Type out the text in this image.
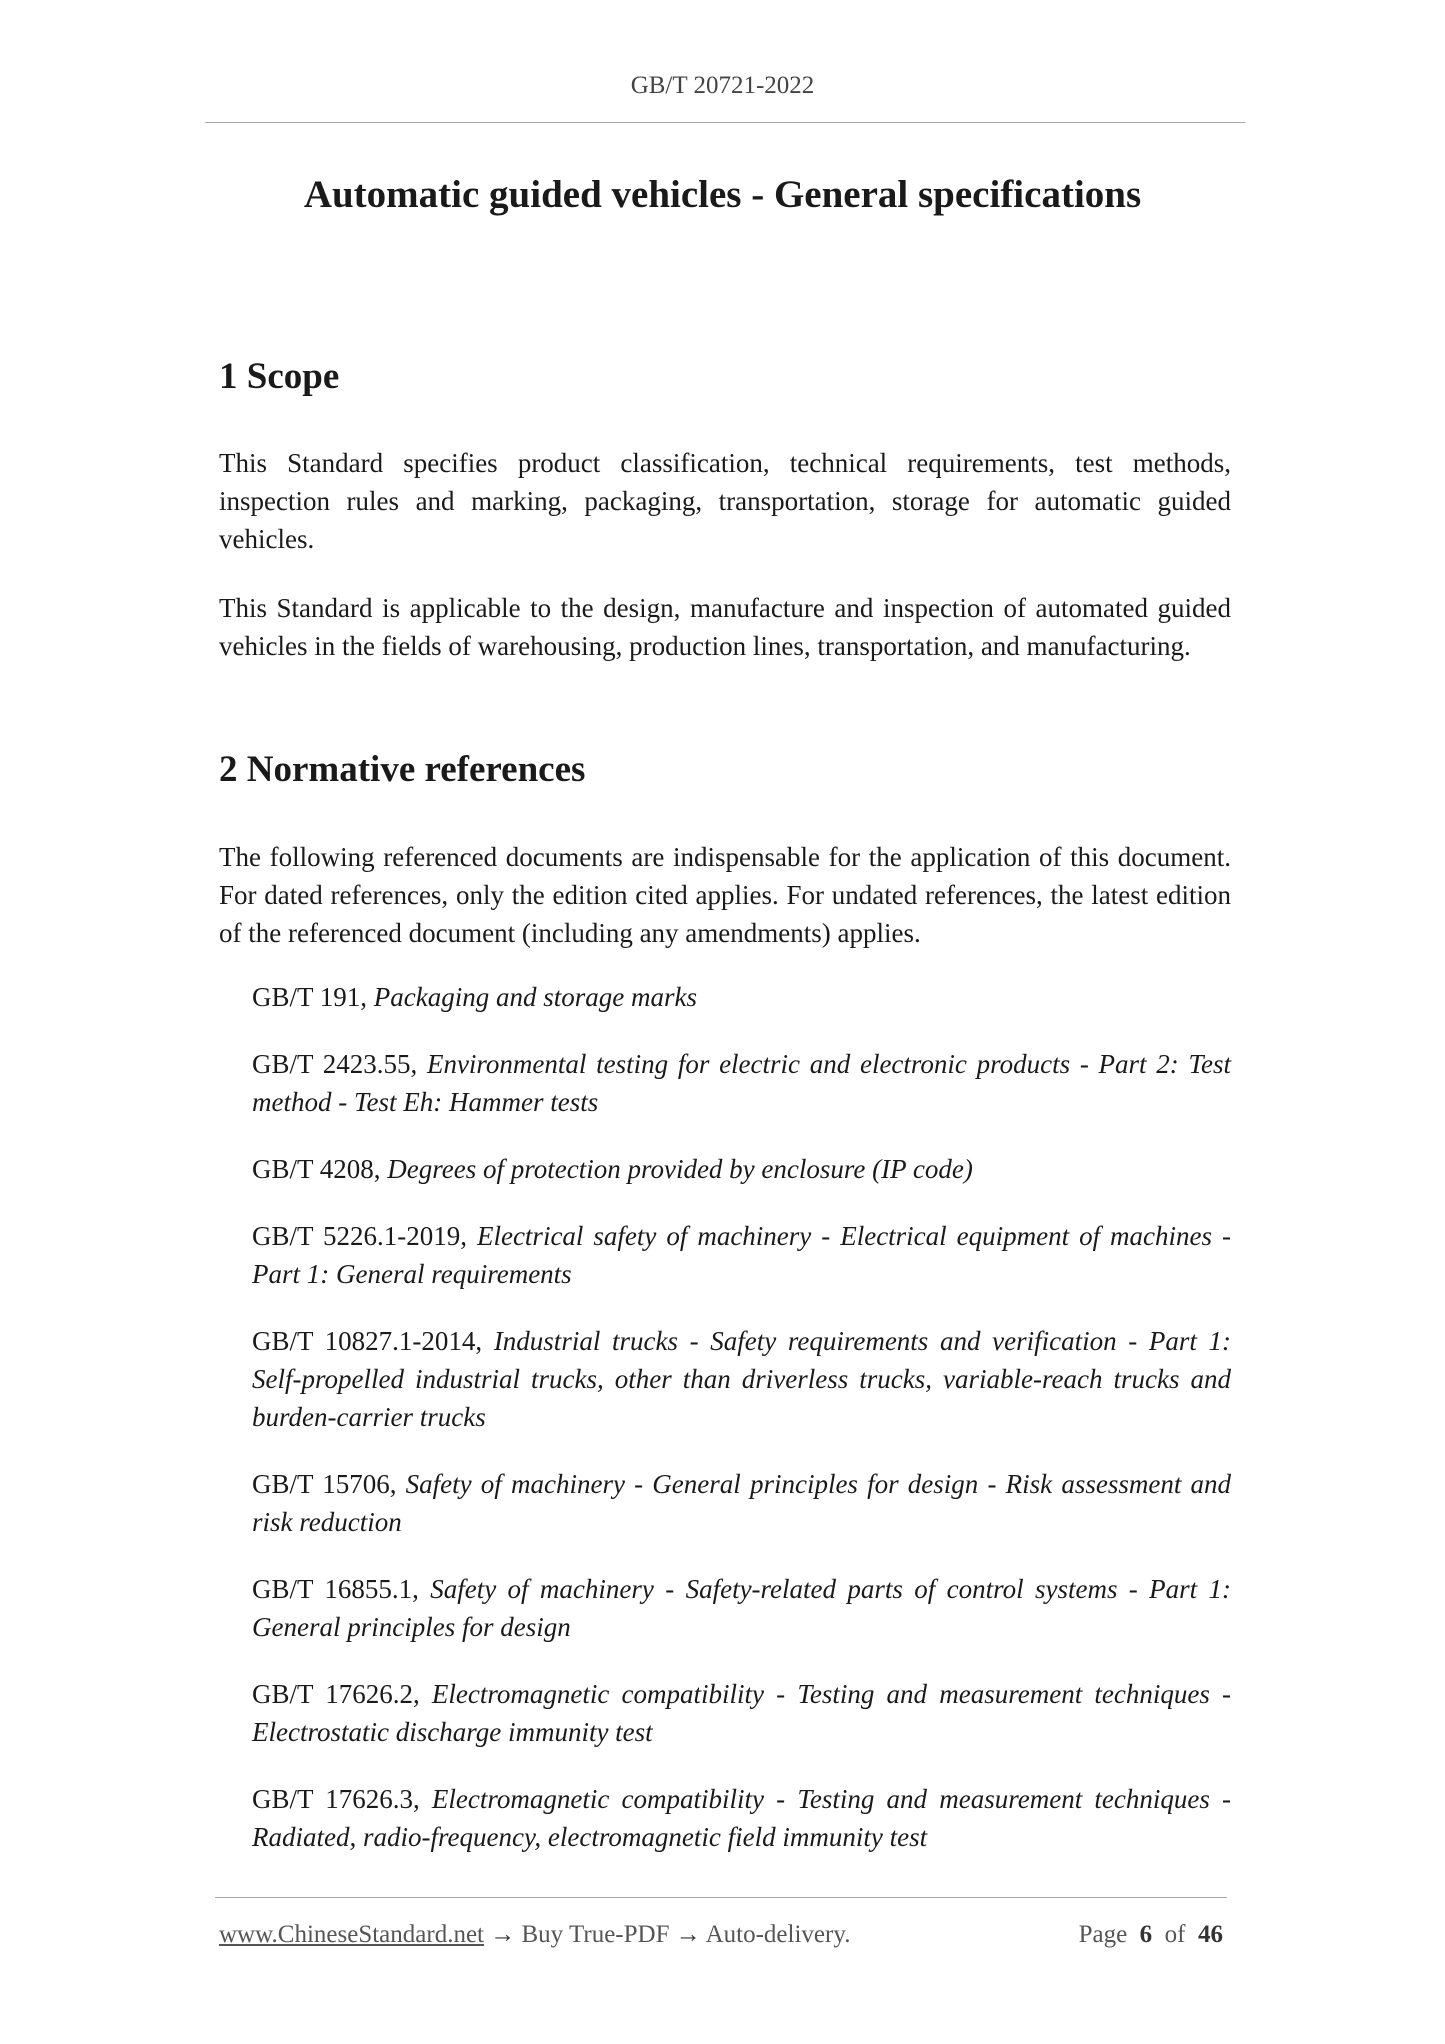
GB/T 20721-2022
Automatic guided vehicles - General specifications
1 Scope

This Standard specifies product classification, technical requirements, test methods, inspection rules and marking, packaging, transportation, storage for automatic guided vehicles.

This Standard is applicable to the design, manufacture and inspection of automated guided vehicles in the fields of warehousing, production lines, transportation, and manufacturing.

2 Normative references

The following referenced documents are indispensable for the application of this document. For dated references, only the edition cited applies. For undated references, the latest edition of the referenced document (including any amendments) applies.

GB/T 191, Packaging and storage marks

GB/T 2423.55, Environmental testing for electric and electronic products - Part 2: Test method - Test Eh: Hammer tests

GB/T 4208, Degrees of protection provided by enclosure (IP code)

GB/T 5226.1-2019, Electrical safety of machinery - Electrical equipment of machines - Part 1: General requirements

GB/T 10827.1-2014, Industrial trucks - Safety requirements and verification - Part 1: Self-propelled industrial trucks, other than driverless trucks, variable-reach trucks and burden-carrier trucks

GB/T 15706, Safety of machinery - General principles for design - Risk assessment and risk reduction

GB/T 16855.1, Safety of machinery - Safety-related parts of control systems - Part 1: General principles for design

GB/T 17626.2, Electromagnetic compatibility - Testing and measurement techniques - Electrostatic discharge immunity test

GB/T 17626.3, Electromagnetic compatibility - Testing and measurement techniques - Radiated, radio-frequency, electromagnetic field immunity test

www.ChineseStandard.net → Buy True-PDF → Auto-delivery.	Page 6 of 46
